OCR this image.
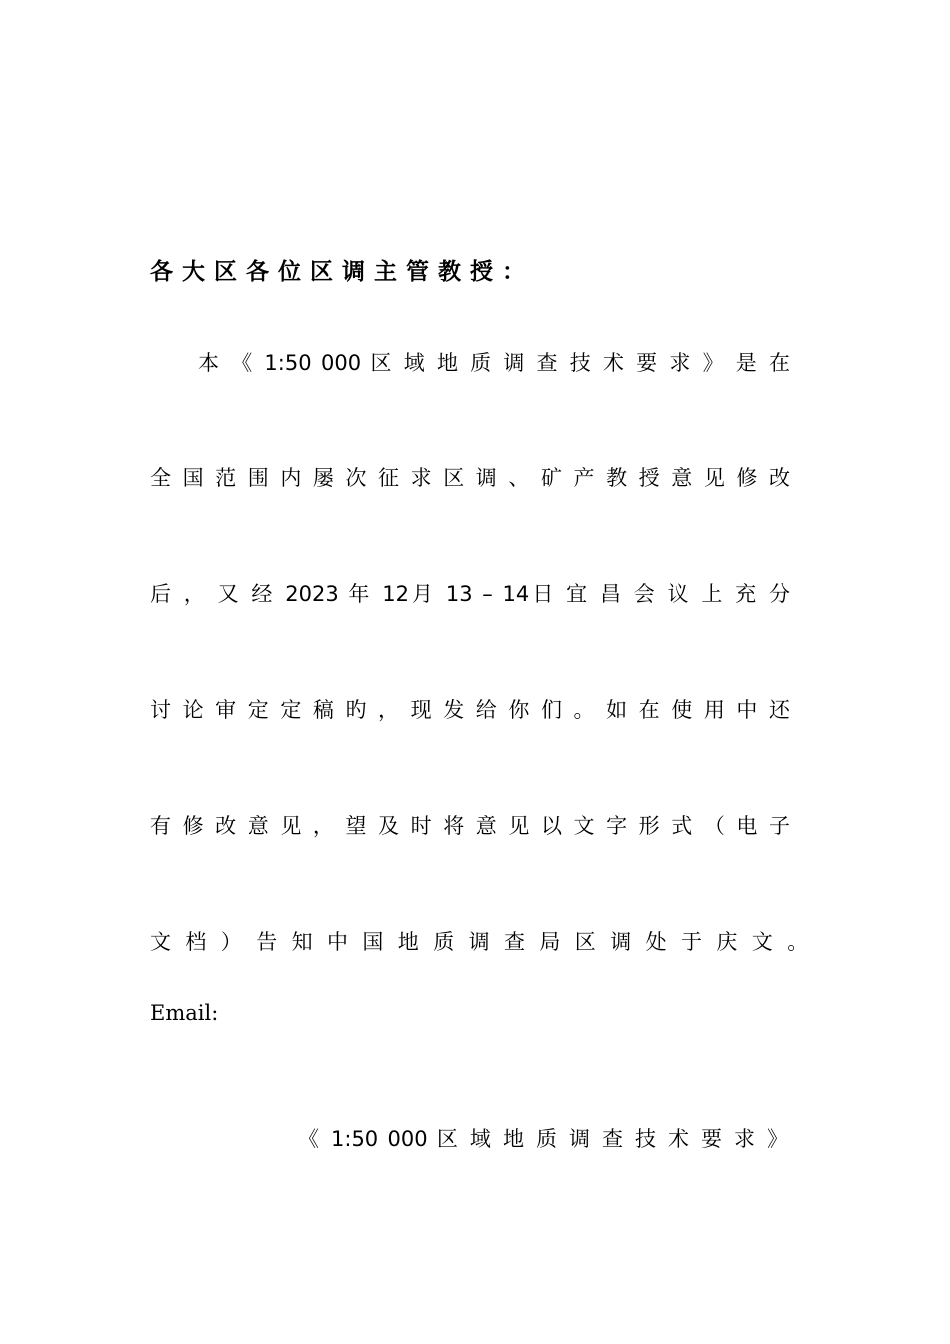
各大区各位区调主管教授：
本 《 1:50 000 区 域 地 质 调 查 技 术 要 求 》 是 在
全 国 范 围 内 屡 次 征 求 区 调 、 矿 产 教 授 意 见 修 改
后 ， 又 经 2023 年 12月 13 – 14日 宜 昌 会 议 上 充 分
讨 论 审 定 定 稿 旳 ， 现 发 给 你 们 。 如 在 使 用 中 还
有 修 改 意 见 ， 望 及 时 将 意 见 以 文 字 形 式 （ 电 子
文档）告知中国地质调查局区调处于庆文。
Email:
《 1:50 000 区 域 地 质 调 查 技 术 要 求 》
